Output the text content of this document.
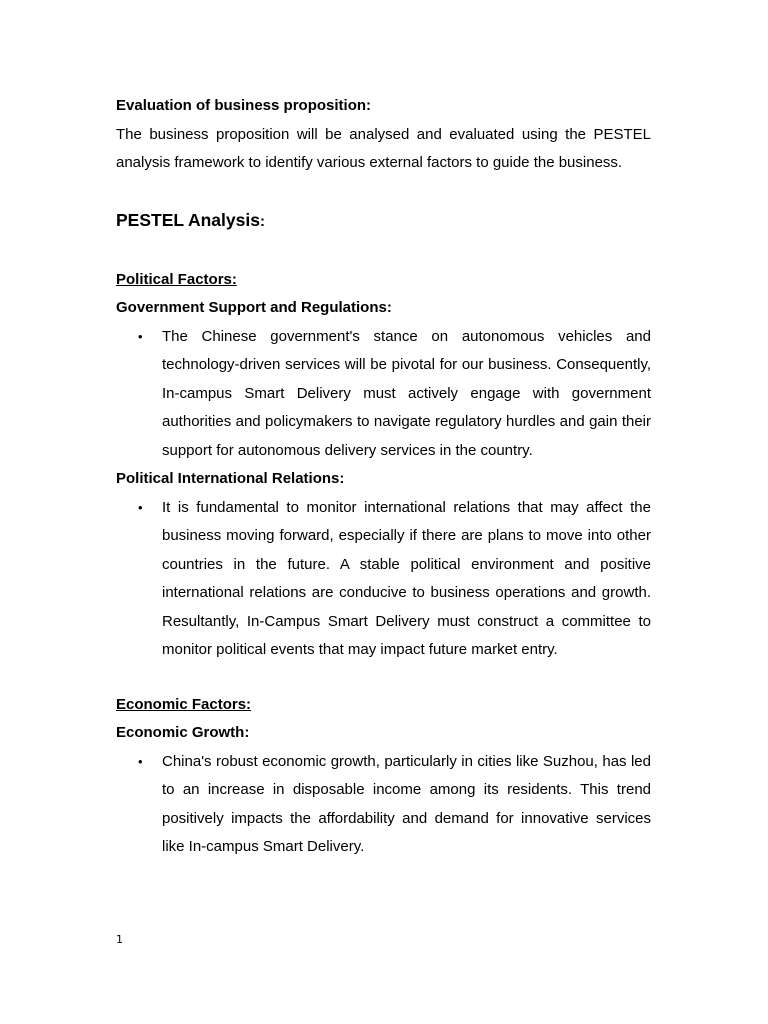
Evaluation of business proposition:

The business proposition will be analysed and evaluated using the PESTEL analysis framework to identify various external factors to guide the business.

PESTEL Analysis:

.

Political Factors:

Government Support and Regulations:

• The Chinese government's stance on autonomous vehicles and technology-driven services will be pivotal for our business. Consequently, In-campus Smart Delivery must actively engage with government authorities and policymakers to navigate regulatory hurdles and gain their support for autonomous delivery services in the country.

Political International Relations:

• It is fundamental to monitor international relations that may affect the business moving forward, especially if there are plans to move into other countries in the future. A stable political environment and positive international relations are conducive to business operations and growth. Resultantly, In-Campus Smart Delivery must construct a committee to monitor political events that may impact future market entry.

Economic Factors:

Economic Growth:

• China's robust economic growth, particularly in cities like Suzhou, has led to an increase in disposable income among its residents. This trend positively impacts the affordability and demand for innovative services like In-campus Smart Delivery.
1
